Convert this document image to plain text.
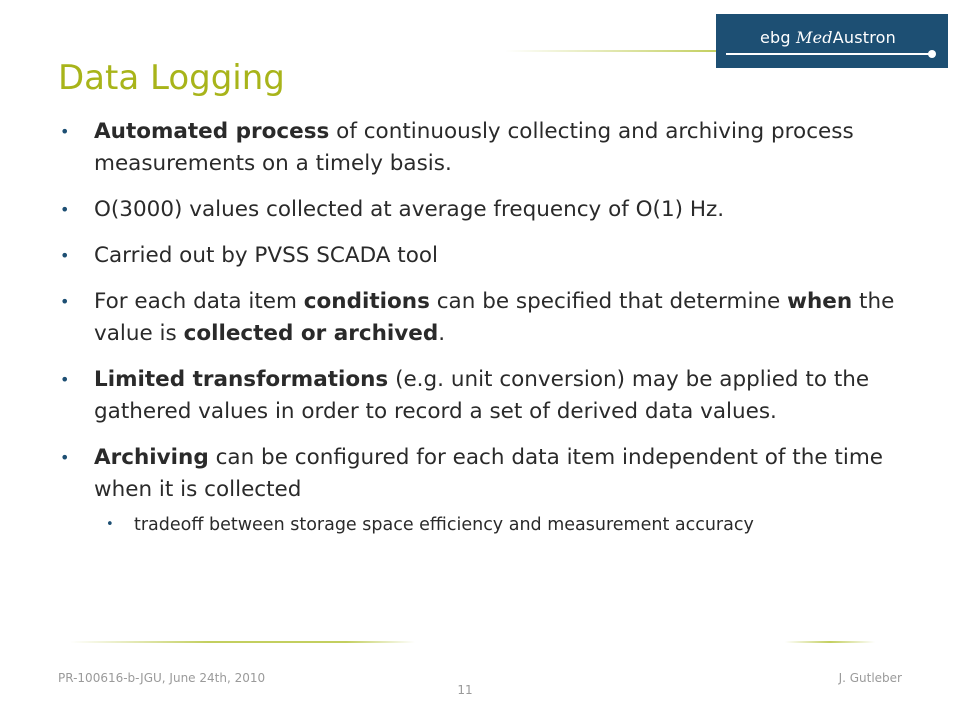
ebg MedAustron
Data Logging
• Automated process of continuously collecting and archiving process measurements on a timely basis.
• O(3000) values collected at average frequency of O(1) Hz.
• Carried out by PVSS SCADA tool
• For each data item conditions can be specified that determine when the value is collected or archived.
• Limited transformations (e.g. unit conversion) may be applied to the gathered values in order to record a set of derived data values.
• Archiving can be configured for each data item independent of the time when it is collected
• tradeoff between storage space efficiency and measurement accuracy
PR-100616-b-JGU, June 24th, 2010	J. Gutleber
11
